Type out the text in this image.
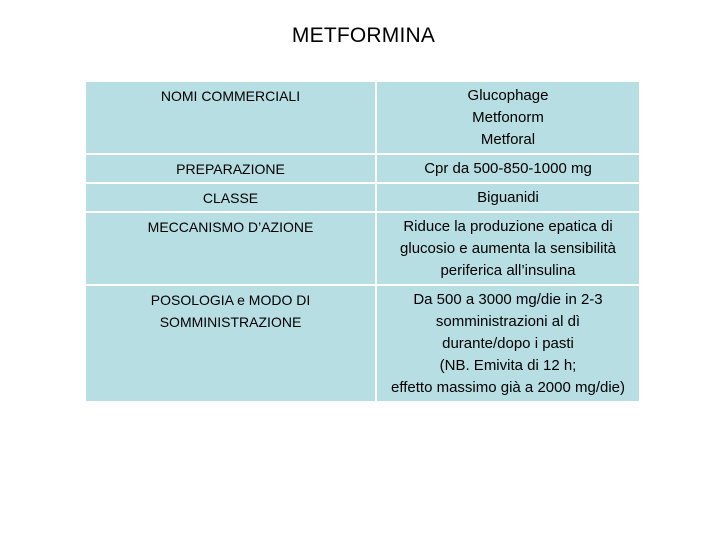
METFORMINA
NOMI COMMERCIALI	Glucophage
Metfonorm
Metforal

PREPARAZIONE	Cpr da 500-850-1000 mg

CLASSE	Biguanidi

MECCANISMO D’AZIONE	Riduce la produzione epatica di
glucosio e aumenta la sensibilità
periferica all’insulina

POSOLOGIA e MODO DI
SOMMINISTRAZIONE	Da 500 a 3000 mg/die in 2-3
somministrazioni al dì
durante/dopo i pasti
(NB. Emivita di 12 h;
effetto massimo già a 2000 mg/die)
